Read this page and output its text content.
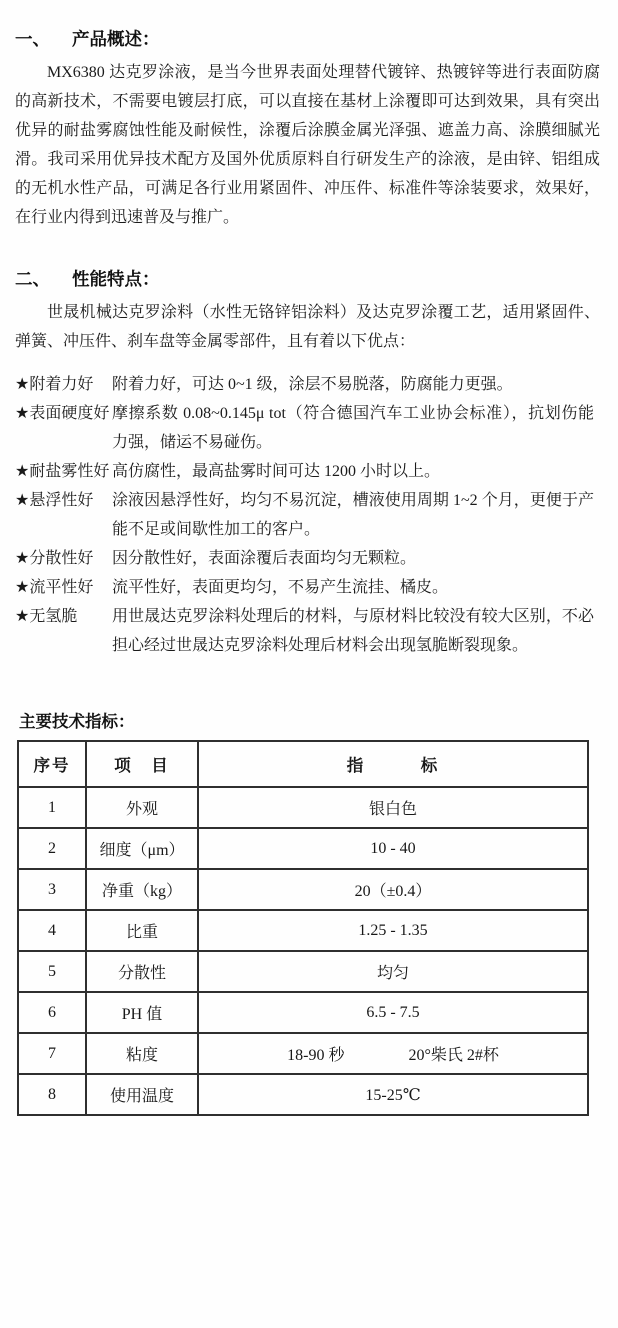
一、 产品概述：

MX6380 达克罗涂液，是当今世界表面处理替代镀锌、热镀锌等进行表面防腐的高新技术，不需要电镀层打底，可以直接在基材上涂覆即可达到效果，具有突出优异的耐盐雾腐蚀性能及耐候性，涂覆后涂膜金属光泽强、遮盖力高、涂膜细腻光滑。我司采用优异技术配方及国外优质原料自行研发生产的涂液，是由锌、铝组成的无机水性产品，可满足各行业用紧固件、冲压件、标准件等涂装要求，效果好，在行业内得到迅速普及与推广。

二、 性能特点：

世晟机械达克罗涂料（水性无铬锌铝涂料）及达克罗涂覆工艺，适用紧固件、弹簧、冲压件、刹车盘等金属零部件，且有着以下优点：

★附着力好	附着力好，可达 0~1 级，涂层不易脱落，防腐能力更强。
★表面硬度好 摩擦系数 0.08~0.145μ tot（符合德国汽车工业协会标准），抗划伤能力强，储运不易碰伤。
★耐盐雾性好 高仿腐性，最高盐雾时间可达 1200 小时以上。
★悬浮性好	涂液因悬浮性好，均匀不易沉淀，槽液使用周期 1~2 个月，更便于产能不足或间歇性加工的客户。
★分散性好	因分散性好，表面涂覆后表面均匀无颗粒。
★流平性好	流平性好，表面更均匀，不易产生流挂、橘皮。
★无氢脆	用世晟达克罗涂料处理后的材料，与原材料比较没有较大区别，不必担心经过世晟达克罗涂料处理后材料会出现氢脆断裂现象。
主要技术指标：
序号	项　目	指　　　标
1	外观	银白色
2	细度（μm）	10 - 40
3	净重（kg）	20（±0.4）
4	比重	1.25 - 1.35
5	分散性	均匀
6	PH 值	6.5 - 7.5
7	粘度	18-90 秒　　　　20°柴氏 2#杯
8	使用温度	15-25℃
